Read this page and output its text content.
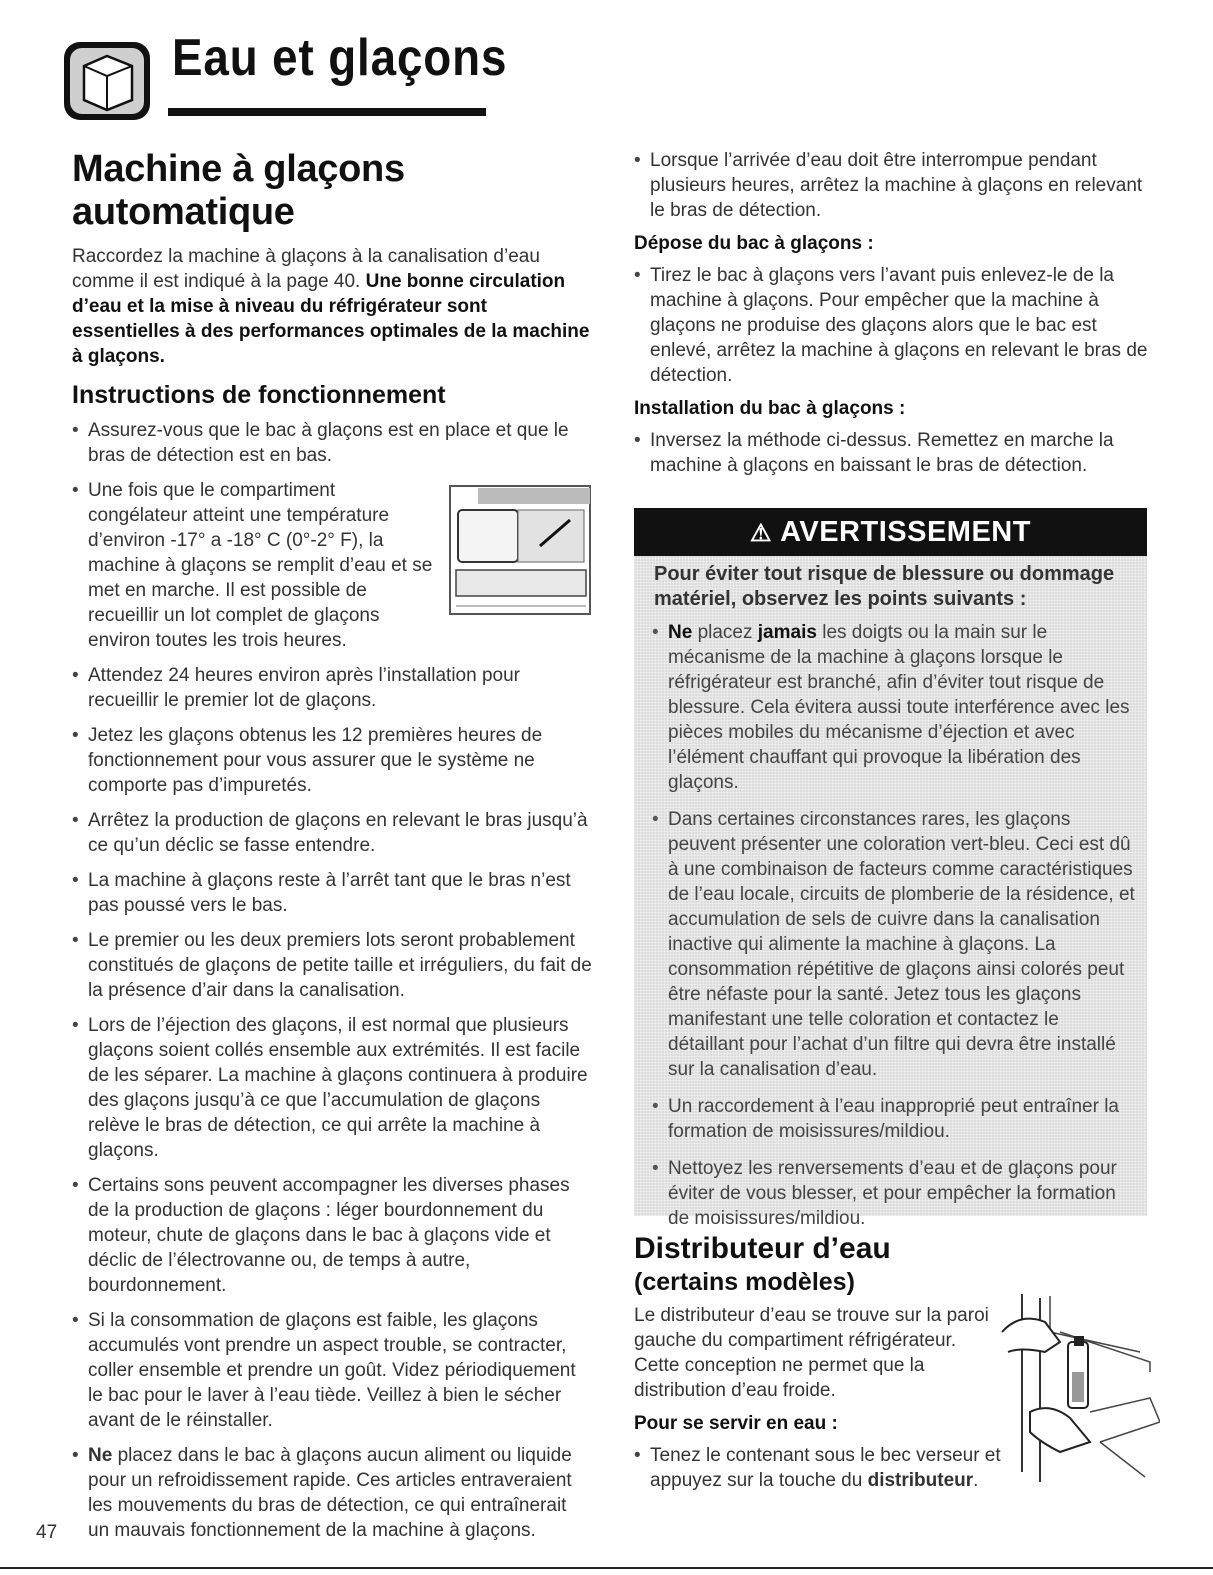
Eau et glaçons
Machine à glaçons automatique

Raccordez la machine à glaçons à la canalisation d’eau comme il est indiqué à la page 40. Une bonne circulation d’eau et la mise à niveau du réfrigérateur sont essentielles à des performances optimales de la machine à glaçons.

Instructions de fonctionnement
• Assurez-vous que le bac à glaçons est en place et que le bras de détection est en bas.
• Une fois que le compartiment congélateur atteint une température d’environ -17° a -18° C (0°-2° F), la machine à glaçons se remplit d’eau et se met en marche. Il est possible de recueillir un lot complet de glaçons environ toutes les trois heures.
• Attendez 24 heures environ après l’installation pour recueillir le premier lot de glaçons.
• Jetez les glaçons obtenus les 12 premières heures de fonctionnement pour vous assurer que le système ne comporte pas d’impuretés.
• Arrêtez la production de glaçons en relevant le bras jusqu’à ce qu’un déclic se fasse entendre.
• La machine à glaçons reste à l’arrêt tant que le bras n’est pas poussé vers le bas.
• Le premier ou les deux premiers lots seront probablement constitués de glaçons de petite taille et irréguliers, du fait de la présence d’air dans la canalisation.
• Lors de l’éjection des glaçons, il est normal que plusieurs glaçons soient collés ensemble aux extrémités. Il est facile de les séparer. La machine à glaçons continuera à produire des glaçons jusqu’à ce que l’accumulation de glaçons relève le bras de détection, ce qui arrête la machine à glaçons.
• Certains sons peuvent accompagner les diverses phases de la production de glaçons : léger bourdonnement du moteur, chute de glaçons dans le bac à glaçons vide et déclic de l’électrovanne ou, de temps à autre, bourdonnement.
• Si la consommation de glaçons est faible, les glaçons accumulés vont prendre un aspect trouble, se contracter, coller ensemble et prendre un goût. Videz périodiquement le bac pour le laver à l’eau tiède. Veillez à bien le sécher avant de le réinstaller.
• Ne placez dans le bac à glaçons aucun aliment ou liquide pour un refroidissement rapide. Ces articles entraveraient les mouvements du bras de détection, ce qui entraînerait un mauvais fonctionnement de la machine à glaçons.
• Lorsque l’arrivée d’eau doit être interrompue pendant plusieurs heures, arrêtez la machine à glaçons en relevant le bras de détection.
Dépose du bac à glaçons :
• Tirez le bac à glaçons vers l’avant puis enlevez-le de la machine à glaçons. Pour empêcher que la machine à glaçons ne produise des glaçons alors que le bac est enlevé, arrêtez la machine à glaçons en relevant le bras de détection.
Installation du bac à glaçons :
• Inversez la méthode ci-dessus. Remettez en marche la machine à glaçons en baissant le bras de détection.
⚠ AVERTISSEMENT

Pour éviter tout risque de blessure ou dommage matériel, observez les points suivants :

• Ne placez jamais les doigts ou la main sur le mécanisme de la machine à glaçons lorsque le réfrigérateur est branché, afin d’éviter tout risque de blessure. Cela évitera aussi toute interférence avec les pièces mobiles du mécanisme d’éjection et avec l’élément chauffant qui provoque la libération des glaçons.
• Dans certaines circonstances rares, les glaçons peuvent présenter une coloration vert-bleu. Ceci est dû à une combinaison de facteurs comme caractéristiques de l’eau locale, circuits de plomberie de la résidence, et accumulation de sels de cuivre dans la canalisation inactive qui alimente la machine à glaçons. La consommation répétitive de glaçons ainsi colorés peut être néfaste pour la santé. Jetez tous les glaçons manifestant une telle coloration et contactez le détaillant pour l’achat d’un filtre qui devra être installé sur la canalisation d’eau.
• Un raccordement à l’eau inapproprié peut entraîner la formation de moisissures/mildiou.
• Nettoyez les renversements d’eau et de glaçons pour éviter de vous blesser, et pour empêcher la formation de moisissures/mildiou.
Distributeur d’eau
(certains modèles)

Le distributeur d’eau se trouve sur la paroi gauche du compartiment réfrigérateur. Cette conception ne permet que la distribution d’eau froide.

Pour se servir en eau :
• Tenez le contenant sous le bec verseur et appuyez sur la touche du distributeur.
47
